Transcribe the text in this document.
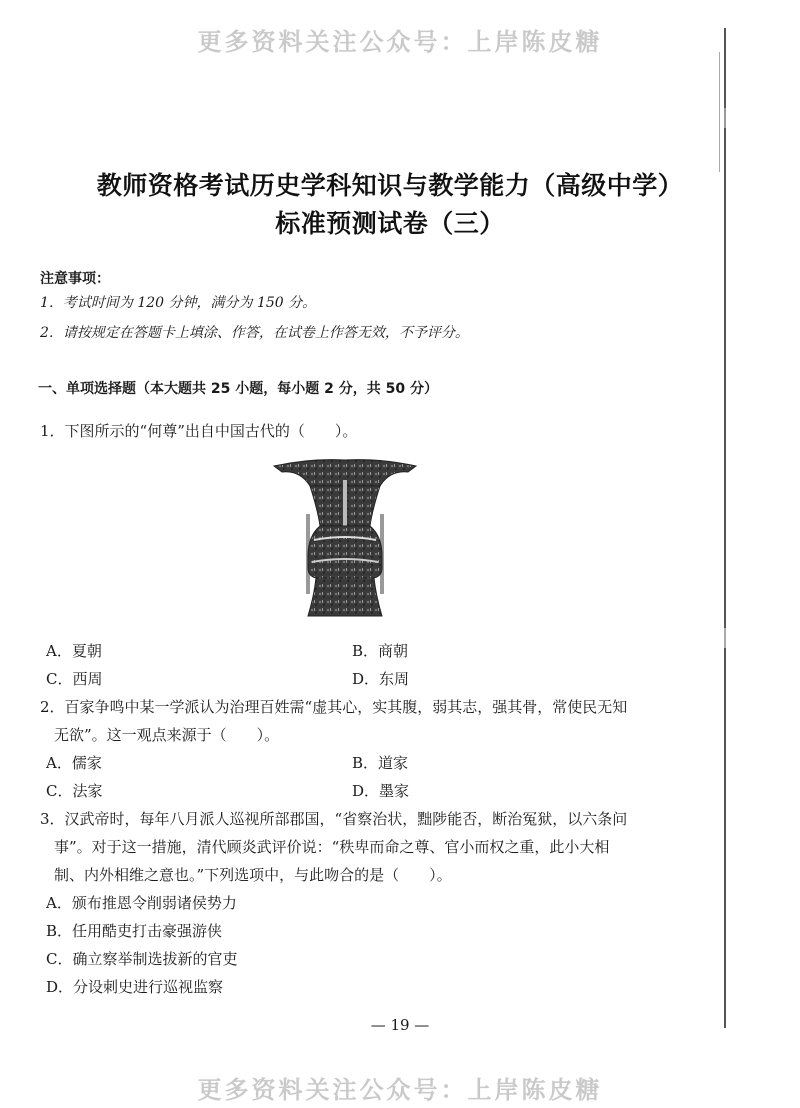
更多资料关注公众号：上岸陈皮糖
教师资格考试历史学科知识与教学能力（高级中学）
标准预测试卷（三）
注意事项：
1．考试时间为 120 分钟，满分为 150 分。
2．请按规定在答题卡上填涂、作答，在试卷上作答无效，不予评分。
一、单项选择题（本大题共 25 小题，每小题 2 分，共 50 分）
1．下图所示的“何尊”出自中国古代的（　　）。
A．夏朝	B．商朝
C．西周	D．东周
2．百家争鸣中某一学派认为治理百姓需“虚其心，实其腹，弱其志，强其骨，常使民无知
无欲”。这一观点来源于（　　）。
A．儒家	B．道家
C．法家	D．墨家
3．汉武帝时，每年八月派人巡视所部郡国，“省察治状，黜陟能否，断治冤狱，以六条问
事”。对于这一措施，清代顾炎武评价说：“秩卑而命之尊、官小而权之重，此小大相
制、内外相维之意也。”下列选项中，与此吻合的是（　　）。
A．颁布推恩令削弱诸侯势力
B．任用酷吏打击豪强游侠
C．确立察举制选拔新的官吏
D．分设刺史进行巡视监察
— 19 —
更多资料关注公众号：上岸陈皮糖
